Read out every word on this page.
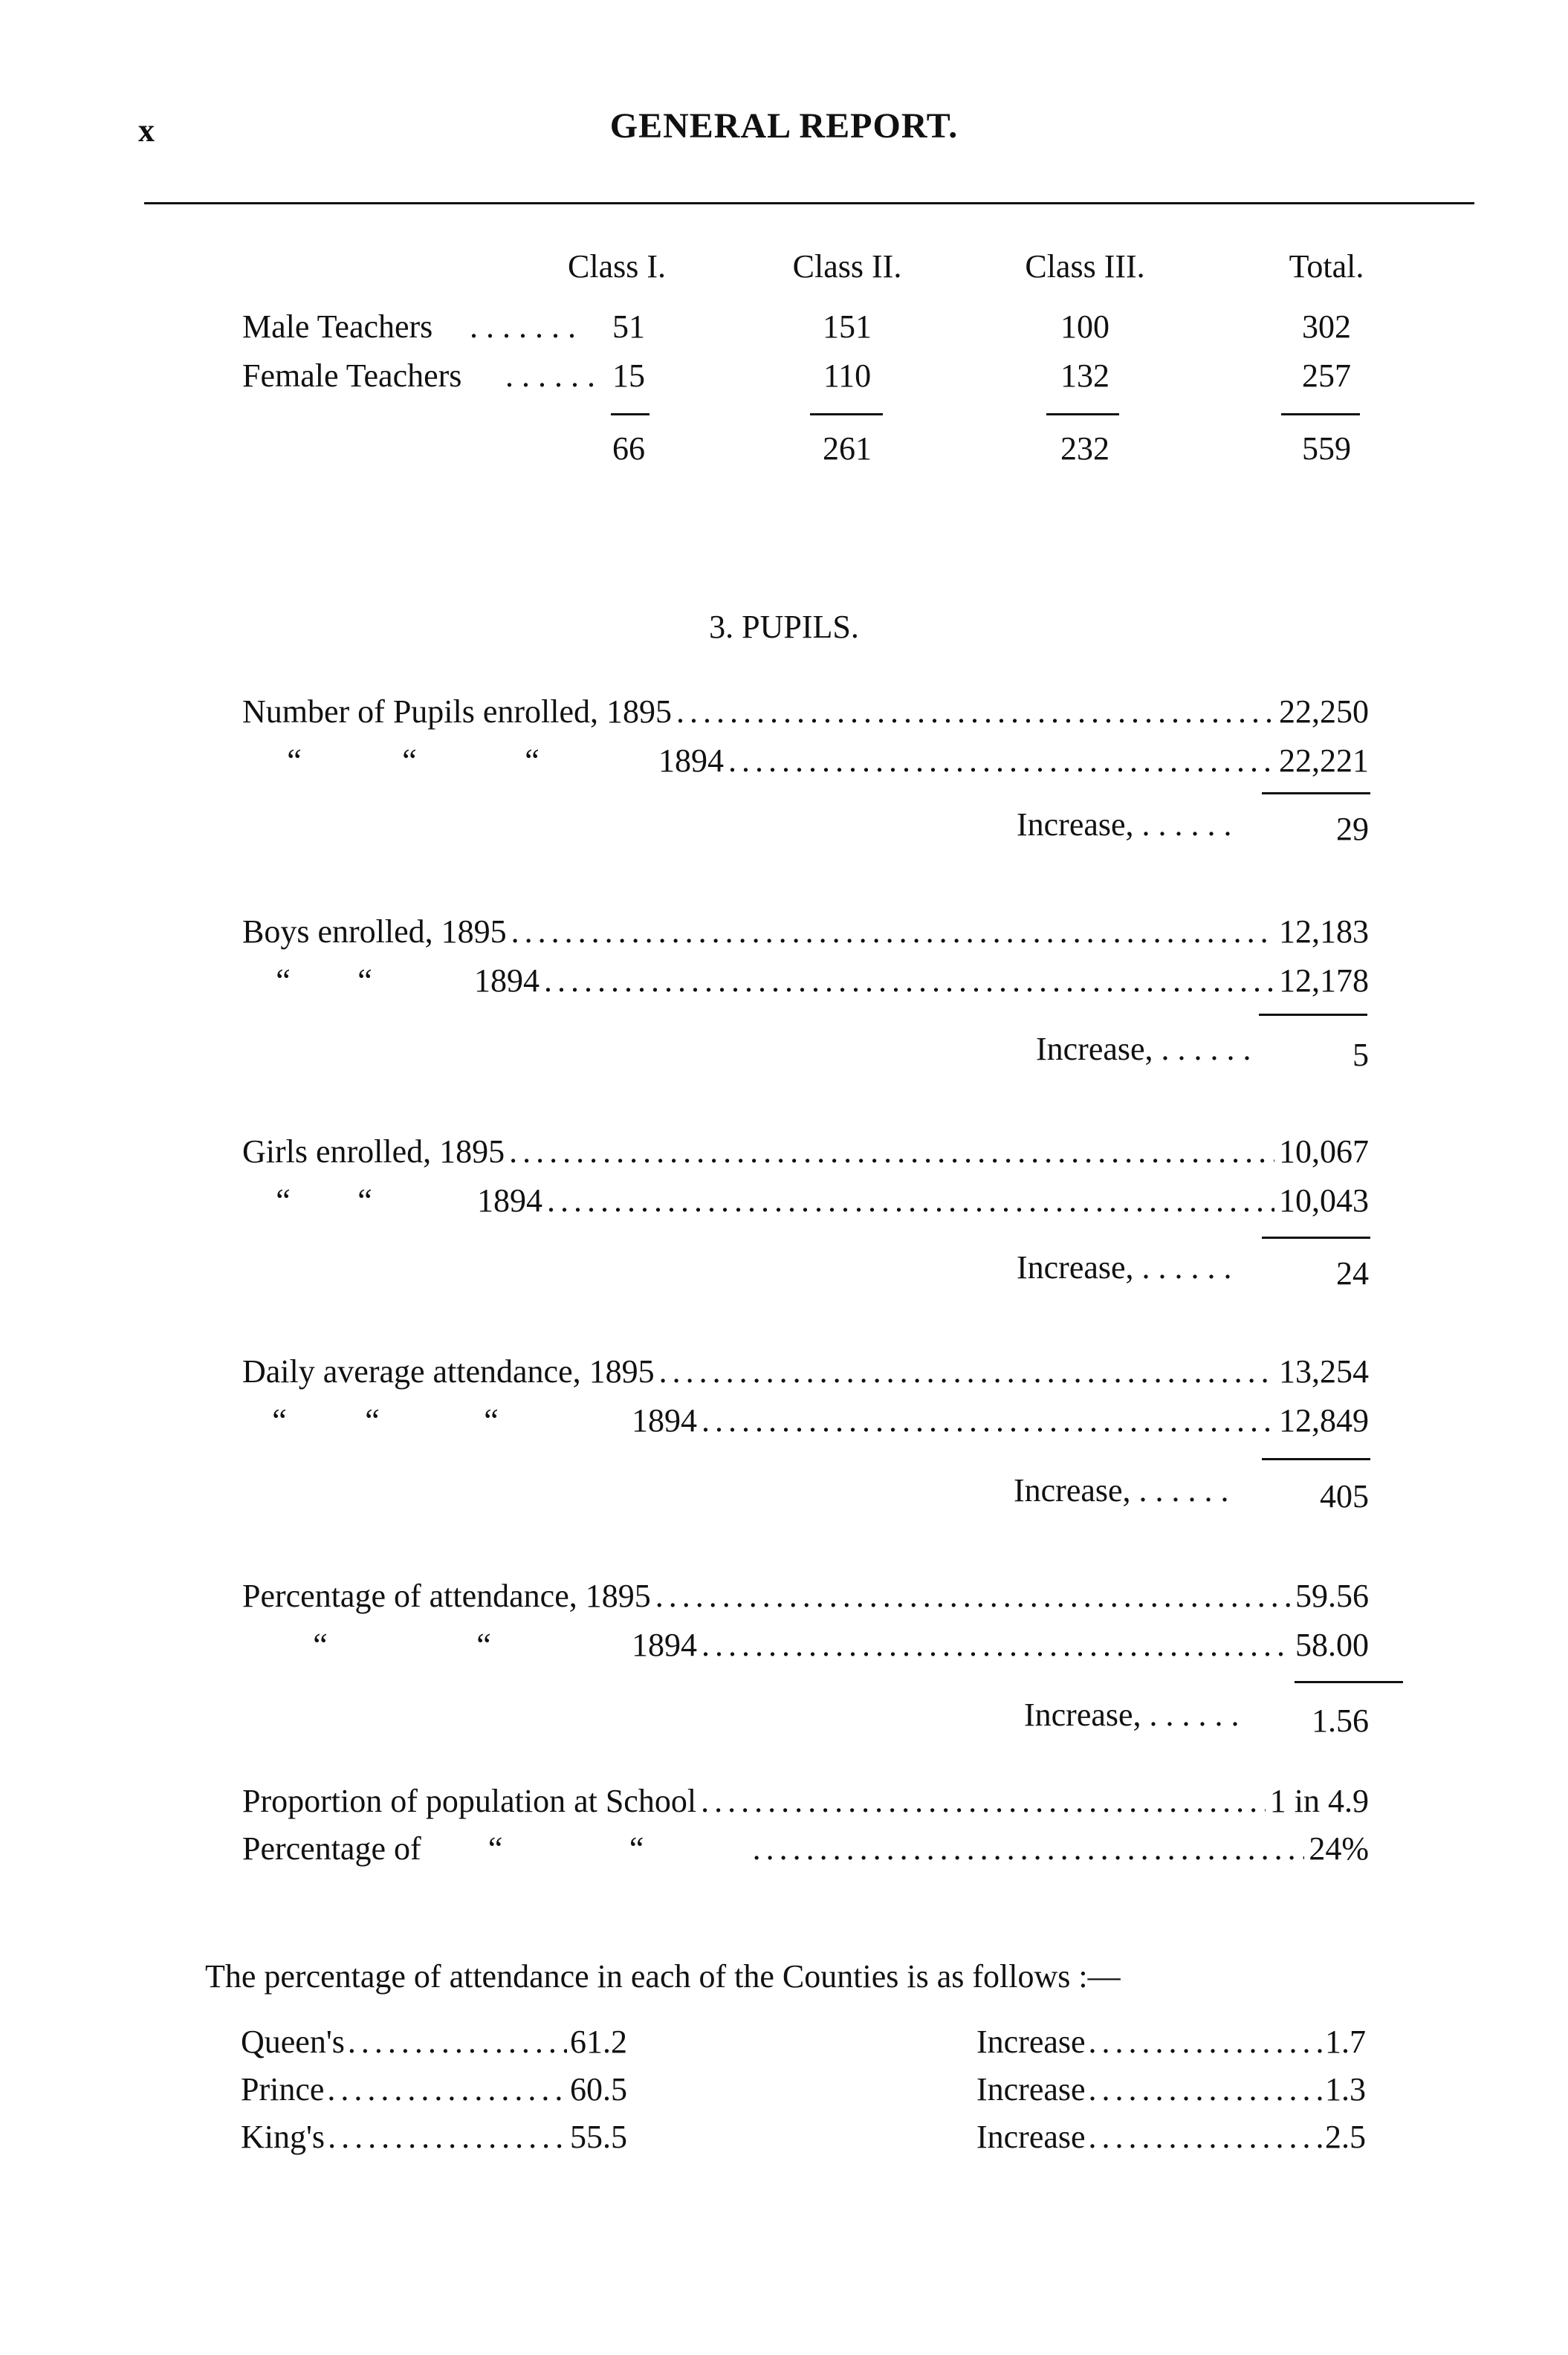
x	GENERAL REPORT.
Class I.	Class II.	Class III.	Total.
Male Teachers . . . . . . .	51	151	100	302
Female Teachers . . . . . . 15	110	132	257
66	261	232	559
3. PUPILS.
Number of Pupils enrolled, 1895 . . .	22,250
“	“	“	1894 . . .	22,221
Increase, . . . . . .	29
Boys enrolled, 1895 . . .	12,183
“ “	1894 . . .	12,178
Increase, . . . . . .	5
Girls enrolled, 1895 . . .	10,067
“ “	1894 . . .	10,043
Increase, . . . . . .	24
Daily average attendance, 1895 . . .	13,254
“ “	“	1894 . . .	12,849
Increase, . . . . . .	405
Percentage of attendance, 1895 . . .	59.56
“	“	1894 . . .	58.00
Increase, . . . . . .	1.56
Proportion of population at School . . .	1 in 4.9
Percentage of “	“ . . .	24%
The percentage of attendance in each of the Counties is as follows :—
Queen's . . .	61.2	Increase . . .	1.7
Prince . . .	60.5	Increase . . .	1.3
King's . . .	55.5	Increase . . .	2.5
